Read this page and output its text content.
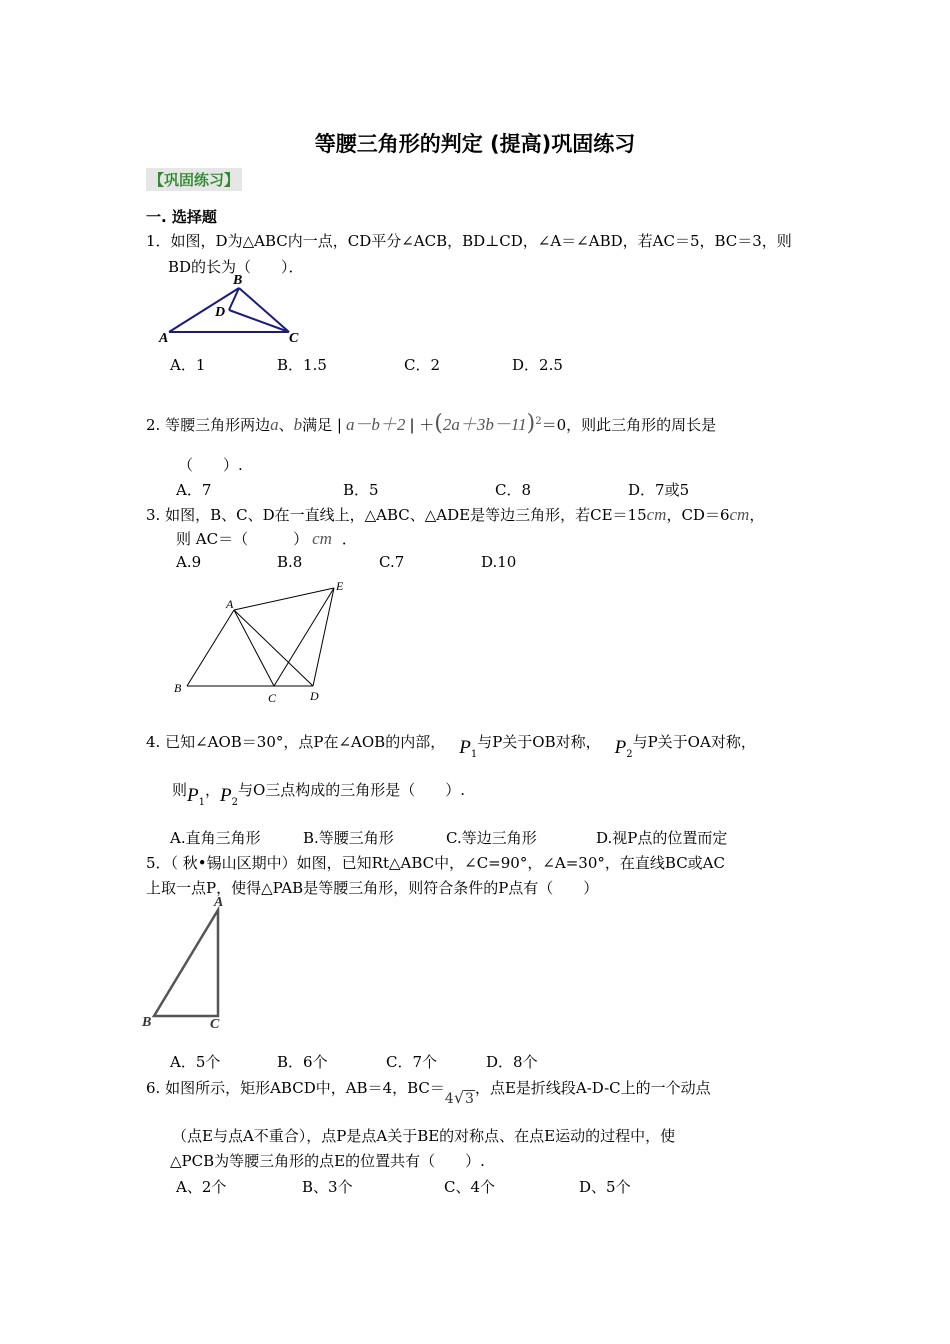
等腰三角形的判定 (提高)巩固练习
【巩固练习】
一. 选择题
1．如图，D为△ABC内一点，CD平分∠ACB，BD⊥CD，∠A＝∠ABD，若AC＝5，BC＝3，则
BD的长为（　　）．
A
B
D
C
A．1	B．1.5	C．2	D．2.5
2. 等腰三角形两边a、b满足 | a－b＋2 | $+(2a+3b-11)^2=0$，则此三角形的周长是
（　　）.
A．7	B．5	C．8	D．7或5
3. 如图，B、C、D在一直线上，△ABC、△ADE是等边三角形，若CE＝15cm，CD＝6cm，
则 AC＝（　　　） cm ．
A.9	B.8	C.7	D.10
A
E
B
C	D
4. 已知∠AOB＝30°，点P在∠AOB的内部， $P_1$与P关于OB对称， $P_2$与P关于OA对称，
则$P_1$，$P_2$与O三点构成的三角形是（　　）.
A.直角三角形	B.等腰三角形	C.等边三角形	D.视P点的位置而定
5．（ 秋•锡山区期中）如图，已知Rt△ABC中，∠C=90°，∠A=30°，在直线BC或AC
上取一点P，使得△PAB是等腰三角形，则符合条件的P点有（　　）
A
B	C
A．5个	B．6个	C．7个	D．8个
6. 如图所示，矩形ABCD中，AB＝4，BC＝4√3，点E是折线段A-D-C上的一个动点
（点E与点A不重合），点P是点A关于BE的对称点、在点E运动的过程中，使
△PCB为等腰三角形的点E的位置共有（　　）.
A、2个	B、3个	C、4个	D、5个
